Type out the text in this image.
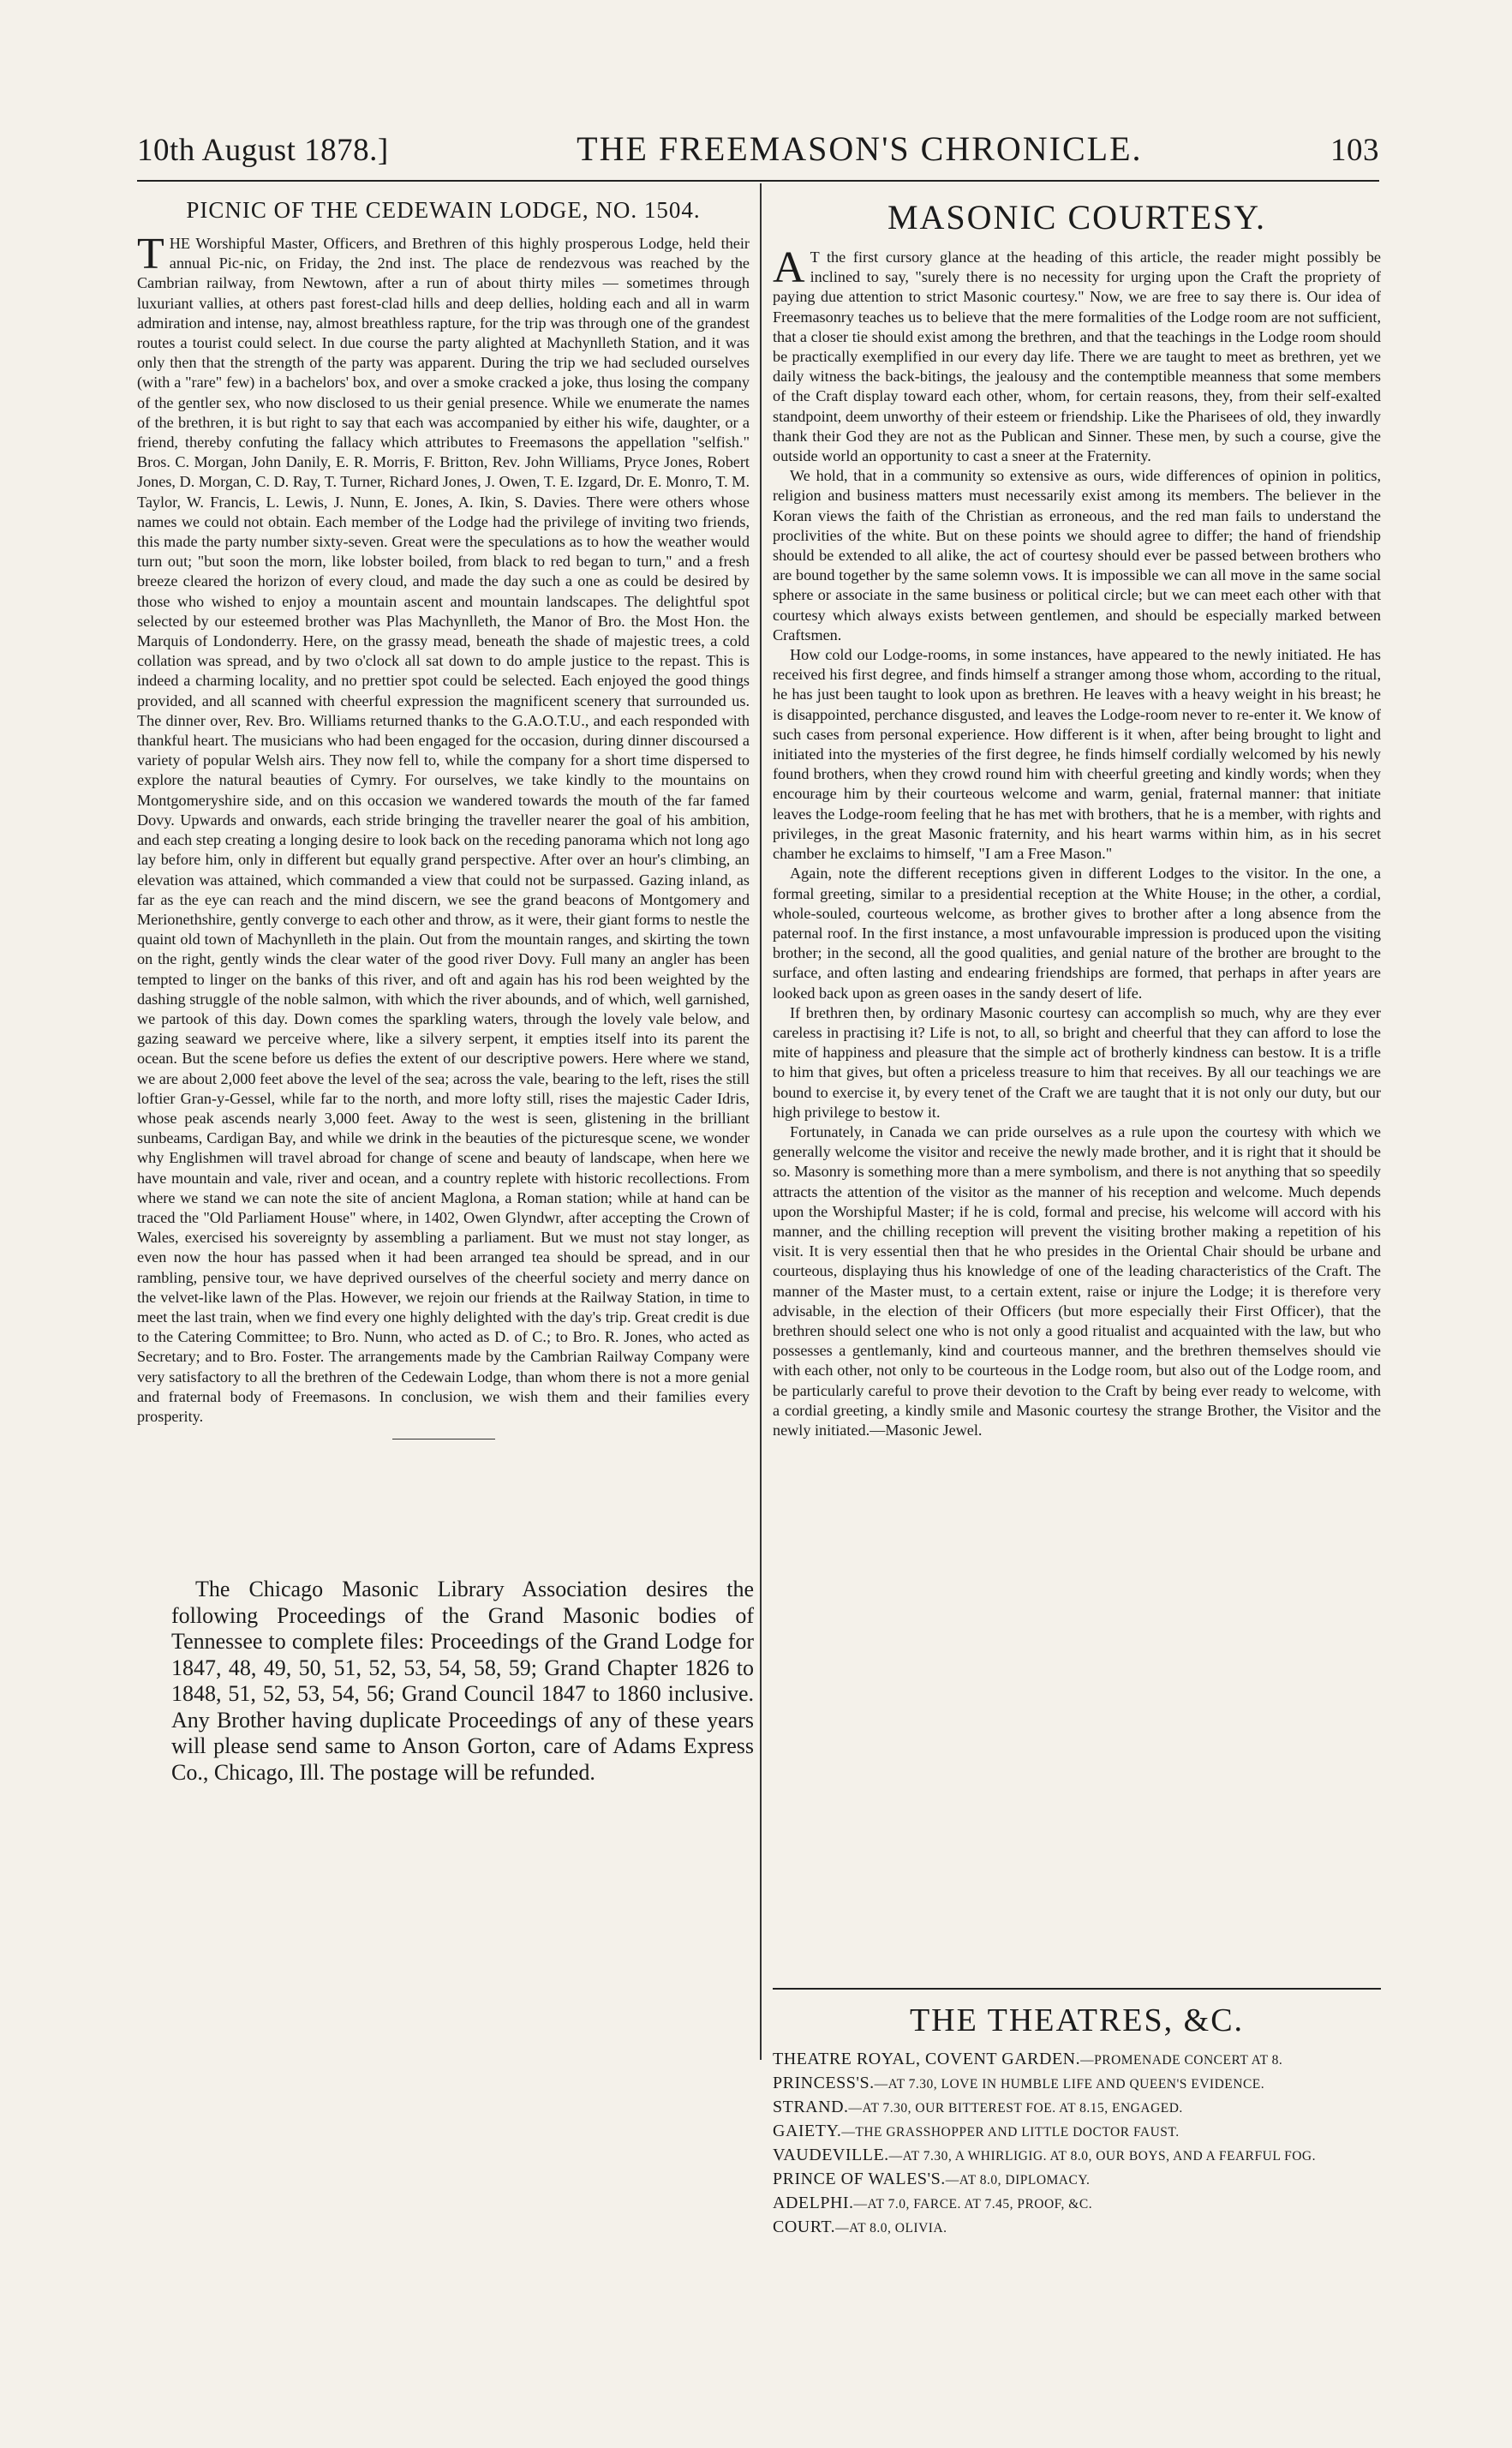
10th August 1878.]	THE FREEMASON'S CHRONICLE.	103
PICNIC OF THE CEDEWAIN LODGE, NO. 1504.

THE Worshipful Master, Officers, and Brethren of this highly prosperous Lodge, held their annual Pic-nic, on Friday, the 2nd inst. The place de rendezvous was reached by the Cambrian railway, from Newtown, after a run of about thirty miles — sometimes through luxuriant vallies, at others past forest-clad hills and deep dellies, holding each and all in warm admiration and intense, nay, almost breathless rapture, for the trip was through one of the grandest routes a tourist could select. In due course the party alighted at Machynlleth Station, and it was only then that the strength of the party was apparent. During the trip we had secluded ourselves (with a "rare" few) in a bachelors' box, and over a smoke cracked a joke, thus losing the company of the gentler sex, who now disclosed to us their genial presence. While we enumerate the names of the brethren, it is but right to say that each was accompanied by either his wife, daughter, or a friend, thereby confuting the fallacy which attributes to Freemasons the appellation "selfish." Bros. C. Morgan, John Danily, E. R. Morris, F. Britton, Rev. John Williams, Pryce Jones, Robert Jones, D. Morgan, C. D. Ray, T. Turner, Richard Jones, J. Owen, T. E. Izgard, Dr. E. Monro, T. M. Taylor, W. Francis, L. Lewis, J. Nunn, E. Jones, A. Ikin, S. Davies. There were others whose names we could not obtain. Each member of the Lodge had the privilege of inviting two friends, this made the party number sixty-seven. Great were the speculations as to how the weather would turn out; "but soon the morn, like lobster boiled, from black to red began to turn," and a fresh breeze cleared the horizon of every cloud, and made the day such a one as could be desired by those who wished to enjoy a mountain ascent and mountain landscapes. The delightful spot selected by our esteemed brother was Plas Machynlleth, the Manor of Bro. the Most Hon. the Marquis of Londonderry. Here, on the grassy mead, beneath the shade of majestic trees, a cold collation was spread, and by two o'clock all sat down to do ample justice to the repast. This is indeed a charming locality, and no prettier spot could be selected. Each enjoyed the good things provided, and all scanned with cheerful expression the magnificent scenery that surrounded us. The dinner over, Rev. Bro. Williams returned thanks to the G.A.O.T.U., and each responded with thankful heart. The musicians who had been engaged for the occasion, during dinner discoursed a variety of popular Welsh airs. They now fell to, while the company for a short time dispersed to explore the natural beauties of Cymry. For ourselves, we take kindly to the mountains on Montgomeryshire side, and on this occasion we wandered towards the mouth of the far famed Dovy. Upwards and onwards, each stride bringing the traveller nearer the goal of his ambition, and each step creating a longing desire to look back on the receding panorama which not long ago lay before him, only in different but equally grand perspective. After over an hour's climbing, an elevation was attained, which commanded a view that could not be surpassed. Gazing inland, as far as the eye can reach and the mind discern, we see the grand beacons of Montgomery and Merionethshire, gently converge to each other and throw, as it were, their giant forms to nestle the quaint old town of Machynlleth in the plain. Out from the mountain ranges, and skirting the town on the right, gently winds the clear water of the good river Dovy. Full many an angler has been tempted to linger on the banks of this river, and oft and again has his rod been weighted by the dashing struggle of the noble salmon, with which the river abounds, and of which, well garnished, we partook of this day. Down comes the sparkling waters, through the lovely vale below, and gazing seaward we perceive where, like a silvery serpent, it empties itself into its parent the ocean. But the scene before us defies the extent of our descriptive powers. Here where we stand, we are about 2,000 feet above the level of the sea; across the vale, bearing to the left, rises the still loftier Gran-y-Gessel, while far to the north, and more lofty still, rises the majestic Cader Idris, whose peak ascends nearly 3,000 feet. Away to the west is seen, glistening in the brilliant sunbeams, Cardigan Bay, and while we drink in the beauties of the picturesque scene, we wonder why Englishmen will travel abroad for change of scene and beauty of landscape, when here we have mountain and vale, river and ocean, and a country replete with historic recollections. From where we stand we can note the site of ancient Maglona, a Roman station; while at hand can be traced the "Old Parliament House" where, in 1402, Owen Glyndwr, after accepting the Crown of Wales, exercised his sovereignty by assembling a parliament. But we must not stay longer, as even now the hour has passed when it had been arranged tea should be spread, and in our rambling, pensive tour, we have deprived ourselves of the cheerful society and merry dance on the velvet-like lawn of the Plas. However, we rejoin our friends at the Railway Station, in time to meet the last train, when we find every one highly delighted with the day's trip. Great credit is due to the Catering Committee; to Bro. Nunn, who acted as D. of C.; to Bro. R. Jones, who acted as Secretary; and to Bro. Foster. The arrangements made by the Cambrian Railway Company were very satisfactory to all the brethren of the Cedewain Lodge, than whom there is not a more genial and fraternal body of Freemasons. In conclusion, we wish them and their families every prosperity.

The Chicago Masonic Library Association desires the following Proceedings of the Grand Masonic bodies of Tennessee to complete files: Proceedings of the Grand Lodge for 1847, 48, 49, 50, 51, 52, 53, 54, 58, 59; Grand Chapter 1826 to 1848, 51, 52, 53, 54, 56; Grand Council 1847 to 1860 inclusive. Any Brother having duplicate Proceedings of any of these years will please send same to Anson Gorton, care of Adams Express Co., Chicago, Ill. The postage will be refunded.

MASONIC COURTESY.

A T the first cursory glance at the heading of this article, the reader might possibly be inclined to say, "surely there is no necessity for urging upon the Craft the propriety of paying due attention to strict Masonic courtesy." Now, we are free to say there is. Our idea of Freemasonry teaches us to believe that the mere formalities of the Lodge room are not sufficient, that a closer tie should exist among the brethren, and that the teachings in the Lodge room should be practically exemplified in our every day life. There we are taught to meet as brethren, yet we daily witness the back-bitings, the jealousy and the contemptible meanness that some members of the Craft display toward each other, whom, for certain reasons, they, from their self-exalted standpoint, deem unworthy of their esteem or friendship. Like the Pharisees of old, they inwardly thank their God they are not as the Publican and Sinner. These men, by such a course, give the outside world an opportunity to cast a sneer at the Fraternity.

We hold, that in a community so extensive as ours, wide differences of opinion in politics, religion and business matters must necessarily exist among its members. The believer in the Koran views the faith of the Christian as erroneous, and the red man fails to understand the proclivities of the white. But on these points we should agree to differ; the hand of friendship should be extended to all alike, the act of courtesy should ever be passed between brothers who are bound together by the same solemn vows. It is impossible we can all move in the same social sphere or associate in the same business or political circle; but we can meet each other with that courtesy which always exists between gentlemen, and should be especially marked between Craftsmen.

How cold our Lodge-rooms, in some instances, have appeared to the newly initiated. He has received his first degree, and finds himself a stranger among those whom, according to the ritual, he has just been taught to look upon as brethren. He leaves with a heavy weight in his breast; he is disappointed, perchance disgusted, and leaves the Lodge-room never to re-enter it. We know of such cases from personal experience. How different is it when, after being brought to light and initiated into the mysteries of the first degree, he finds himself cordially welcomed by his newly found brothers, when they crowd round him with cheerful greeting and kindly words; when they encourage him by their courteous welcome and warm, genial, fraternal manner: that initiate leaves the Lodge-room feeling that he has met with brothers, that he is a member, with rights and privileges, in the great Masonic fraternity, and his heart warms within him, as in his secret chamber he exclaims to himself, "I am a Free Mason."

Again, note the different receptions given in different Lodges to the visitor. In the one, a formal greeting, similar to a presidential reception at the White House; in the other, a cordial, whole-souled, courteous welcome, as brother gives to brother after a long absence from the paternal roof. In the first instance, a most unfavourable impression is produced upon the visiting brother; in the second, all the good qualities, and genial nature of the brother are brought to the surface, and often lasting and endearing friendships are formed, that perhaps in after years are looked back upon as green oases in the sandy desert of life.

If brethren then, by ordinary Masonic courtesy can accomplish so much, why are they ever careless in practising it? Life is not, to all, so bright and cheerful that they can afford to lose the mite of happiness and pleasure that the simple act of brotherly kindness can bestow. It is a trifle to him that gives, but often a priceless treasure to him that receives. By all our teachings we are bound to exercise it, by every tenet of the Craft we are taught that it is not only our duty, but our high privilege to bestow it.

Fortunately, in Canada we can pride ourselves as a rule upon the courtesy with which we generally welcome the visitor and receive the newly made brother, and it is right that it should be so. Masonry is something more than a mere symbolism, and there is not anything that so speedily attracts the attention of the visitor as the manner of his reception and welcome. Much depends upon the Worshipful Master; if he is cold, formal and precise, his welcome will accord with his manner, and the chilling reception will prevent the visiting brother making a repetition of his visit. It is very essential then that he who presides in the Oriental Chair should be urbane and courteous, displaying thus his knowledge of one of the leading characteristics of the Craft. The manner of the Master must, to a certain extent, raise or injure the Lodge; it is therefore very advisable, in the election of their Officers (but more especially their First Officer), that the brethren should select one who is not only a good ritualist and acquainted with the law, but who possesses a gentlemanly, kind and courteous manner, and the brethren themselves should vie with each other, not only to be courteous in the Lodge room, but also out of the Lodge room, and be particularly careful to prove their devotion to the Craft by being ever ready to welcome, with a cordial greeting, a kindly smile and Masonic courtesy the strange Brother, the Visitor and the newly initiated.—Masonic Jewel.

THE THEATRES, &C.

THEATRE ROYAL, COVENT GARDEN.—PROMENADE CONCERT AT 8.

PRINCESS'S.—AT 7.30, LOVE IN HUMBLE LIFE AND QUEEN'S EVIDENCE.

STRAND.—AT 7.30, OUR BITTEREST FOE. AT 8.15, ENGAGED.

GAIETY.—THE GRASSHOPPER AND LITTLE DOCTOR FAUST.

VAUDEVILLE.—AT 7.30, A WHIRLIGIG. AT 8.0, OUR BOYS, AND A FEARFUL FOG.

PRINCE OF WALES'S.—AT 8.0, DIPLOMACY.

ADELPHI.—AT 7.0, FARCE. AT 7.45, PROOF, &C.

COURT.—AT 8.0, OLIVIA.
